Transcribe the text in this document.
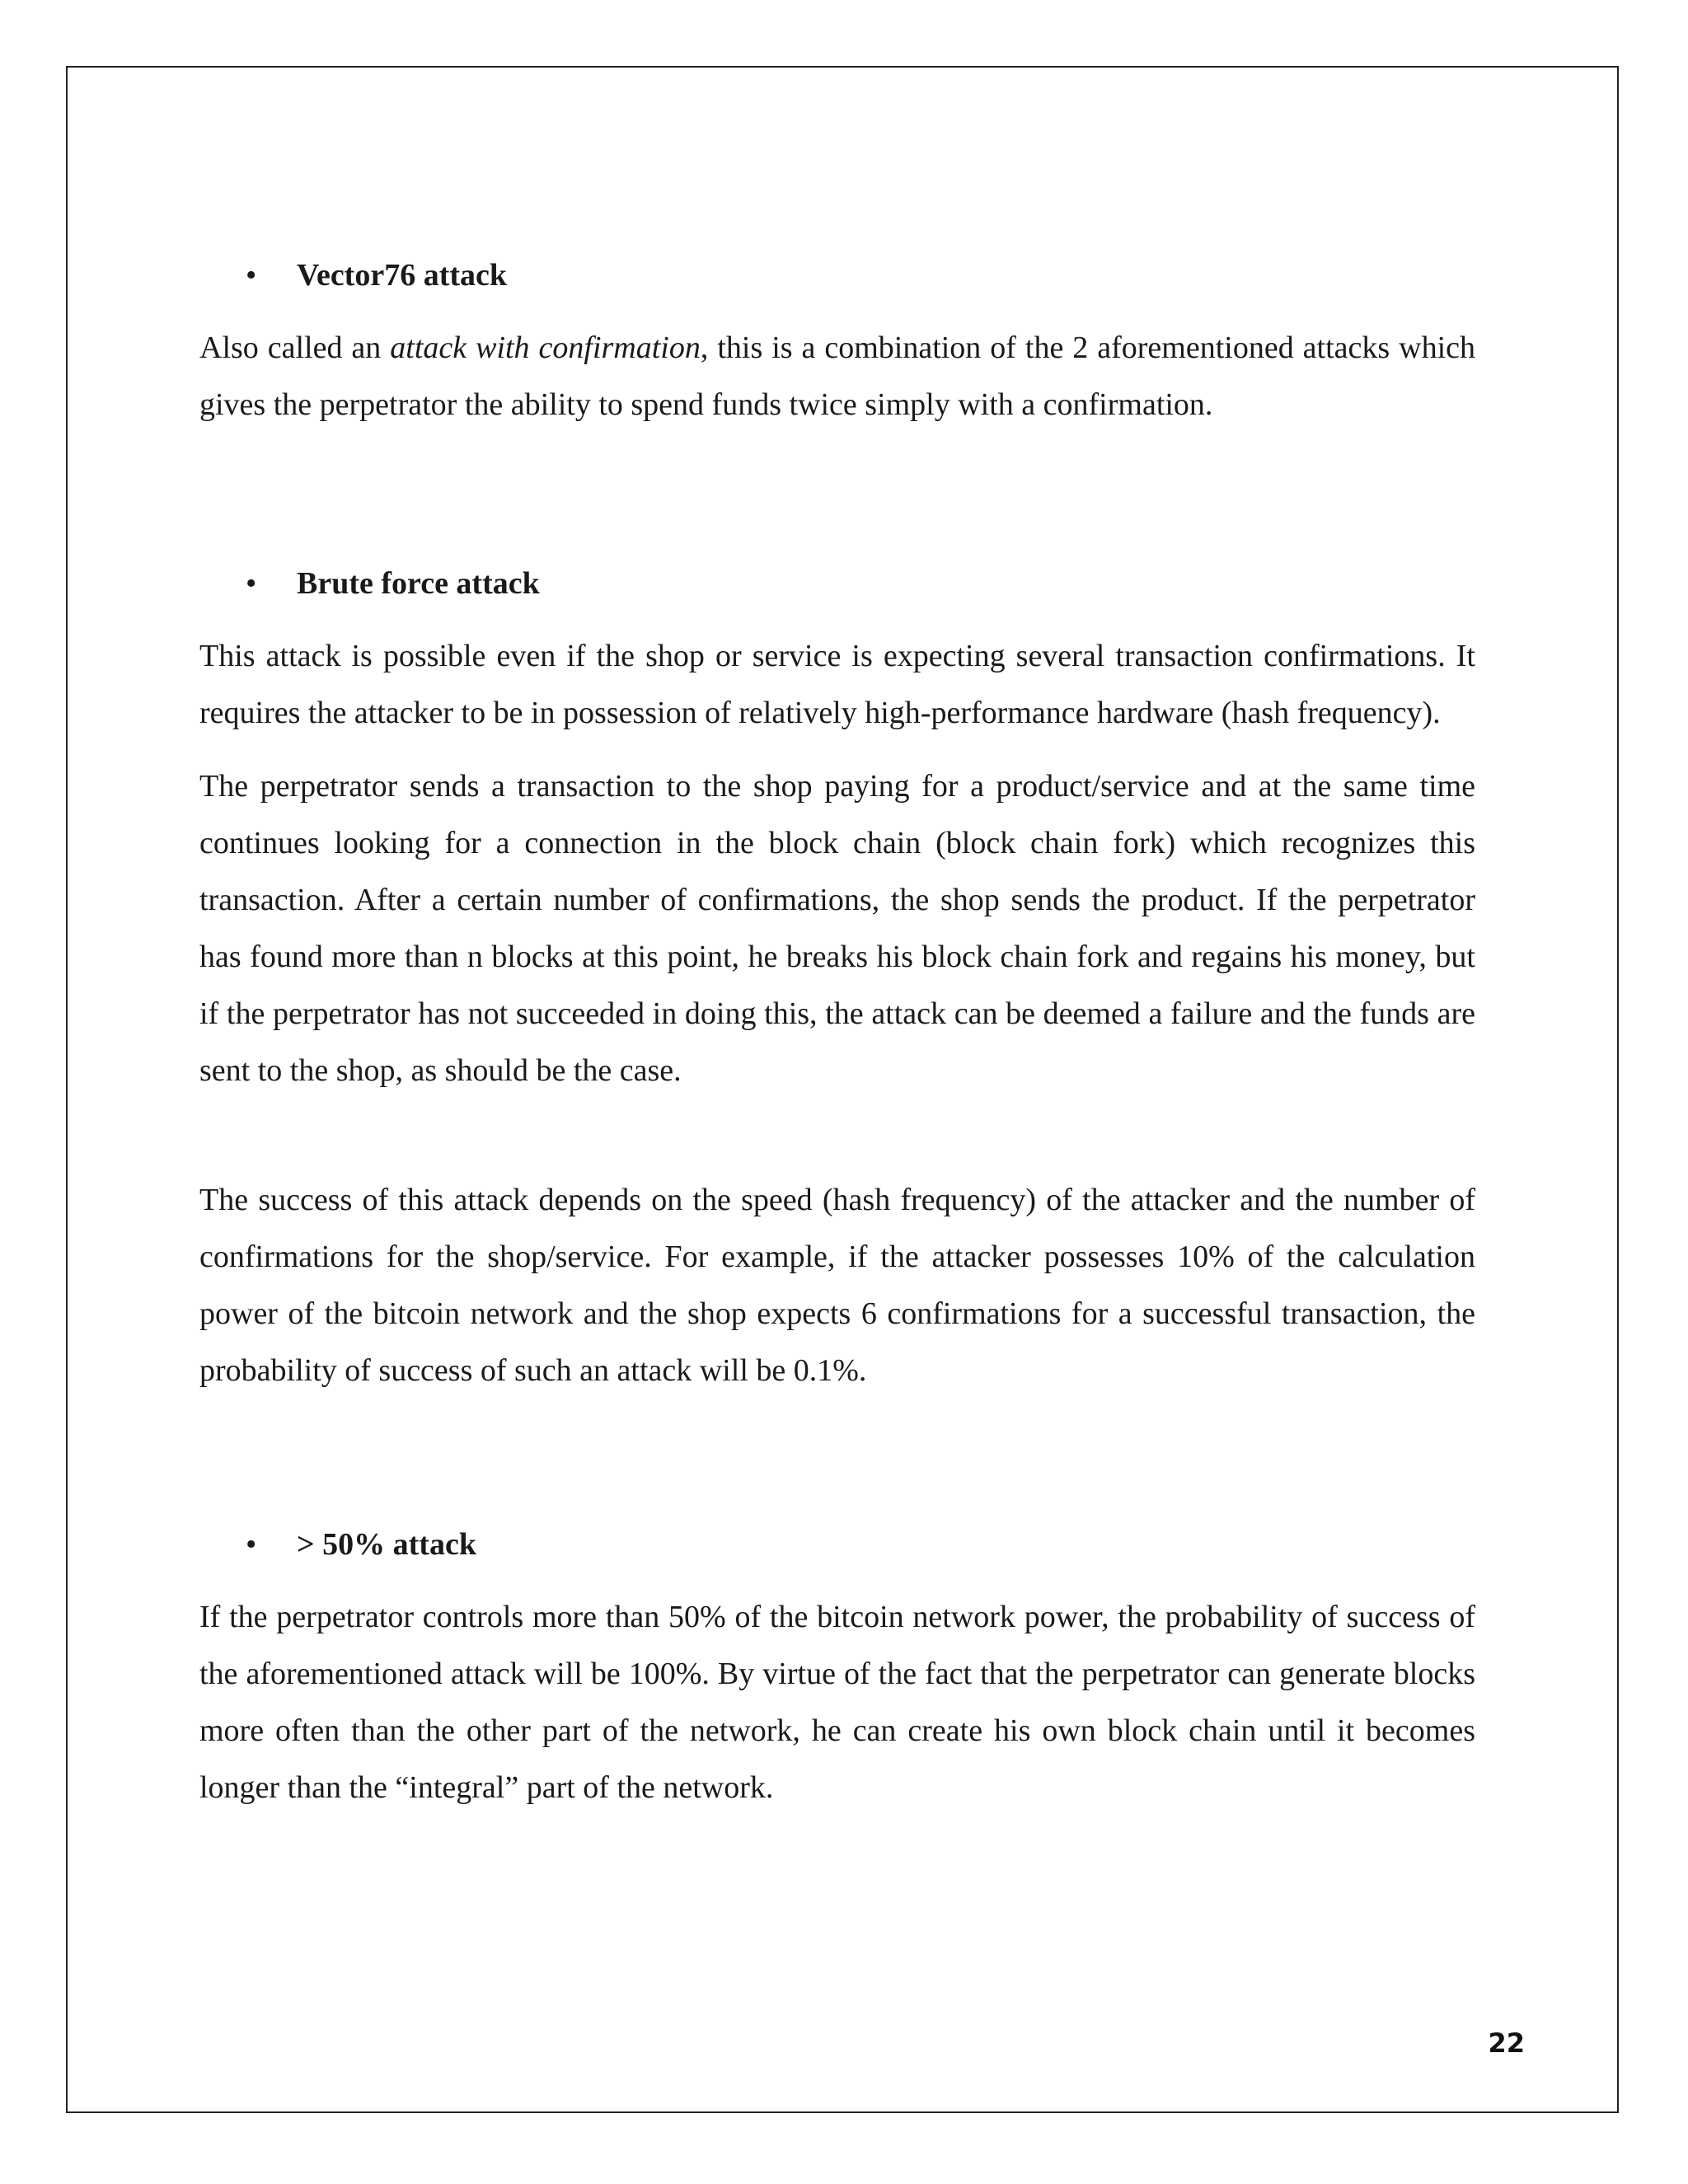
• Vector76 attack

Also called an attack with confirmation, this is a combination of the 2 aforementioned attacks which gives the perpetrator the ability to spend funds twice simply with a confirmation.

• Brute force attack

This attack is possible even if the shop or service is expecting several transaction confirmations. It requires the attacker to be in possession of relatively high-performance hardware (hash frequency).

The perpetrator sends a transaction to the shop paying for a product/service and at the same time continues looking for a connection in the block chain (block chain fork) which recognizes this transaction. After a certain number of confirmations, the shop sends the product. If the perpetrator has found more than n blocks at this point, he breaks his block chain fork and regains his money, but if the perpetrator has not succeeded in doing this, the attack can be deemed a failure and the funds are sent to the shop, as should be the case.

The success of this attack depends on the speed (hash frequency) of the attacker and the number of confirmations for the shop/service. For example, if the attacker possesses 10% of the calculation power of the bitcoin network and the shop expects 6 confirmations for a successful transaction, the probability of success of such an attack will be 0.1%.

• > 50% attack

If the perpetrator controls more than 50% of the bitcoin network power, the probability of success of the aforementioned attack will be 100%. By virtue of the fact that the perpetrator can generate blocks more often than the other part of the network, he can create his own block chain until it becomes longer than the “integral” part of the network.

22
